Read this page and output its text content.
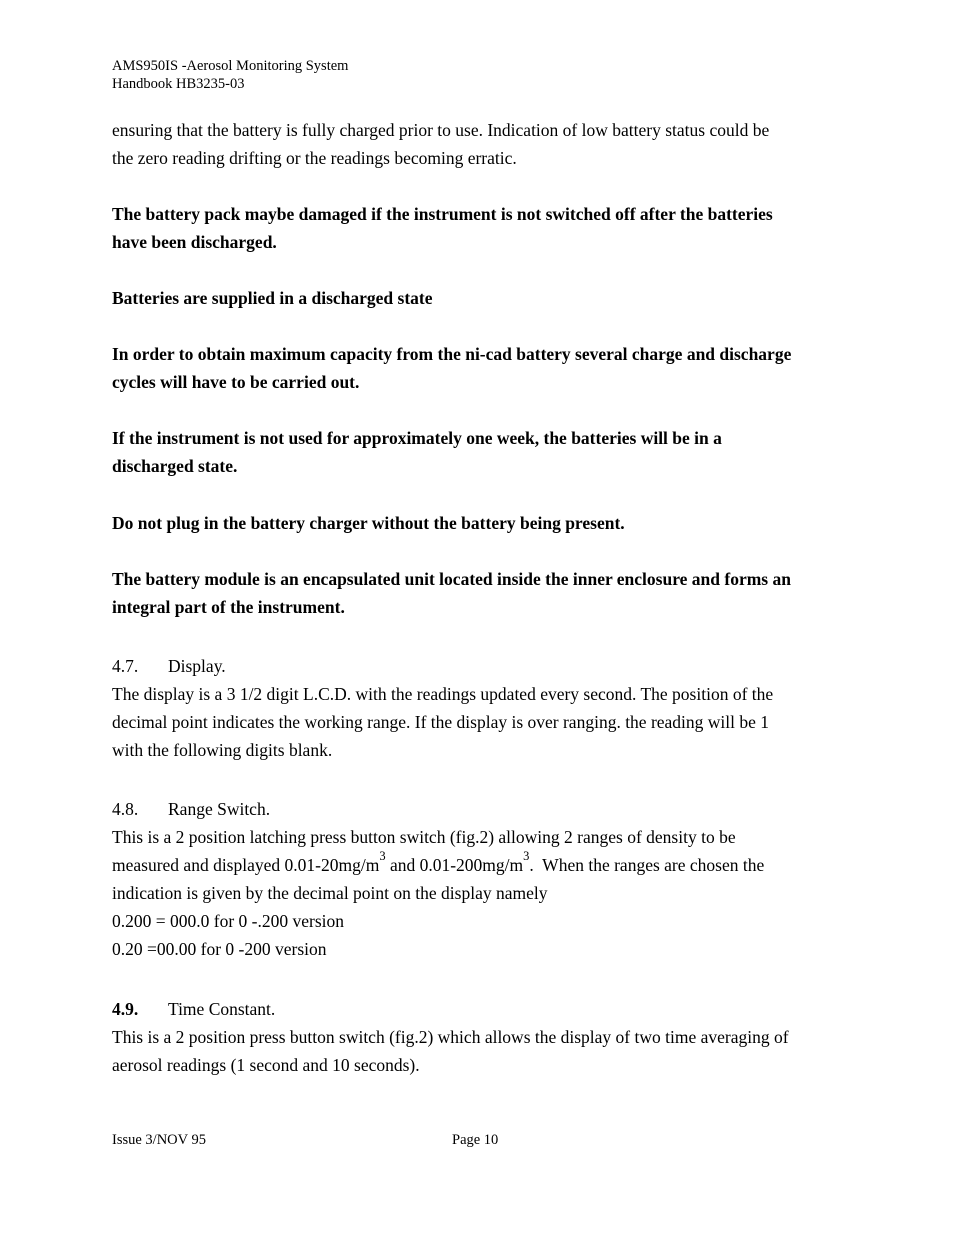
AMS950IS -Aerosol Monitoring System
Handbook HB3235-03
ensuring that the battery is fully charged prior to use. Indication of low battery status could be
the zero reading drifting or the readings becoming erratic.
The battery pack maybe damaged if the instrument is not switched off after the batteries
have been discharged.
Batteries are supplied in a discharged state
In order to obtain maximum capacity from the ni-cad battery several charge and discharge
cycles will have to be carried out.
If the instrument is not used for approximately one week, the batteries will be in a
discharged state.
Do not plug in the battery charger without the battery being present.
The battery module is an encapsulated unit located inside the inner enclosure and forms an
integral part of the instrument.
4.7. Display.
The display is a 3 1/2 digit L.C.D. with the readings updated every second. The position of the
decimal point indicates the working range. If the display is over ranging. the reading will be 1
with the following digits blank.
4.8. Range Switch.
This is a 2 position latching press button switch (fig.2) allowing 2 ranges of density to be
measured and displayed $0.01-20mg/m^3$ and $0.01-200mg/m^3$.  When the ranges are chosen the
indication is given by the decimal point on the display namely
0.200 = 000.0 for 0 -.200 version
0.20 =00.00 for 0 -200 version
4.9. Time Constant.
This is a 2 position press button switch (fig.2) which allows the display of two time averaging of
aerosol readings (1 second and 10 seconds).
Issue 3/NOV 95	Page 10
